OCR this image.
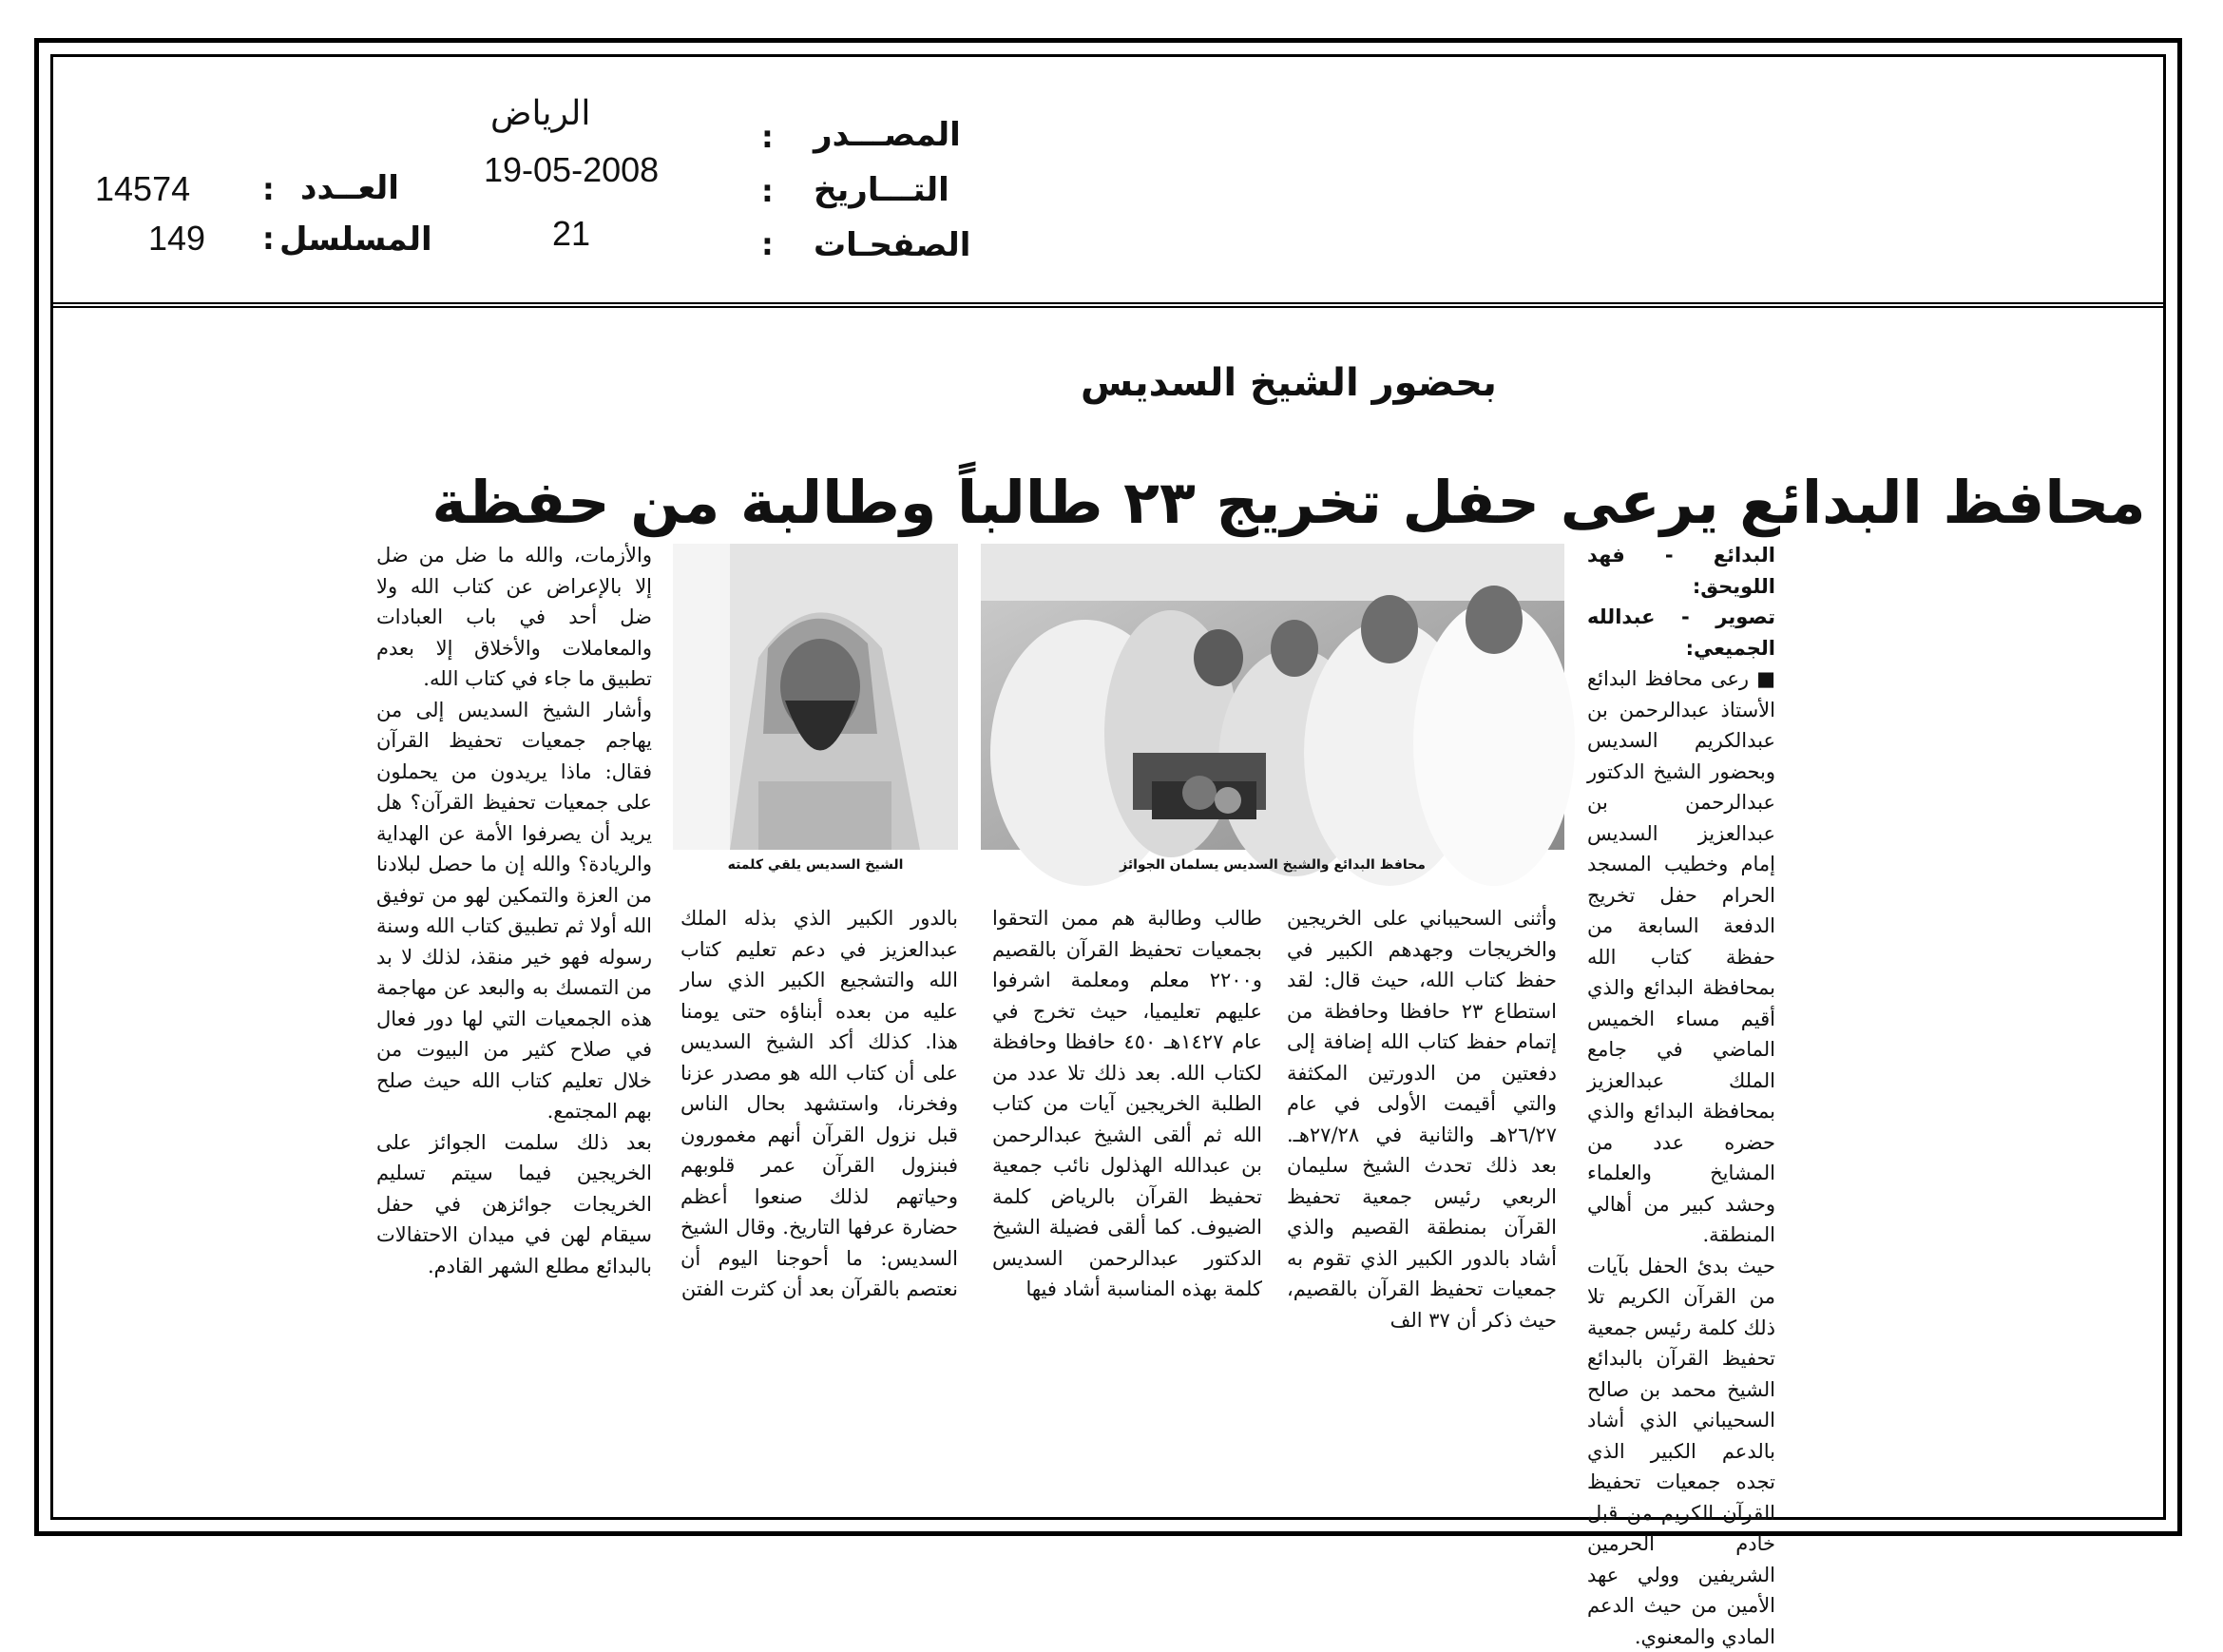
الرياض
: المصـــدر
19-05-2008
: التـــاريخ
21	: الصفحـات
14574 : العــدد
149 : المسلسل
بحضور الشيخ السديس
محافظ البدائع يرعى حفل تخريج ٢٣ طالباً وطالبة من حفظة

البدائع - فهد اللويحق:

تصوير - عبدالله الجميعي:

■ رعى محافظ البدائع الأستاذ عبدالرحمن بن عبدالكريم السديس وبحضور الشيخ الدكتور عبدالرحمن بن عبدالعزيز السديس إمام وخطيب المسجد الحرام حفل تخريج الدفعة السابعة من حفظة كتاب الله بمحافظة البدائع والذي أقيم مساء الخميس الماضي في جامع الملك عبدالعزيز بمحافظة البدائع والذي حضره عدد من المشايخ والعلماء وحشد كبير من أهالي المنطقة.

حيث بدئ الحفل بآيات من القرآن الكريم تلا ذلك كلمة رئيس جمعية تحفيظ القرآن بالبدائع الشيخ محمد بن صالح السحيباني الذي أشاد بالدعم الكبير الذي تجده جمعيات تحفيظ القرآن الكريم من قبل خادم الحرمين الشريفين وولي عهد الأمين من حيث الدعم المادي والمعنوي.

محافظ البدائع والشيخ السديس يسلمان الجوائز
الشيخ السديس يلقي كلمته

وأثنى السحيباني على الخريجين والخريجات وجهدهم الكبير في حفظ كتاب الله، حيث قال: لقد استطاع ٢٣ حافظا وحافظة من إتمام حفظ كتاب الله إضافة إلى دفعتين من الدورتين المكثفة والتي أقيمت الأولى في عام ٢٦/٢٧هـ والثانية في ٢٧/٢٨هـ. بعد ذلك تحدث الشيخ سليمان الربعي رئيس جمعية تحفيظ القرآن بمنطقة القصيم والذي أشاد بالدور الكبير الذي تقوم به جمعيات تحفيظ القرآن بالقصيم، حيث ذكر أن ٣٧ الف

طالب وطالبة هم ممن التحقوا بجمعيات تحفيظ القرآن بالقصيم و٢٢٠٠ معلم ومعلمة اشرفوا عليهم تعليميا، حيث تخرج في عام ١٤٢٧هـ ٤٥٠ حافظا وحافظة لكتاب الله. بعد ذلك تلا عدد من الطلبة الخريجين آيات من كتاب الله ثم ألقى الشيخ عبدالرحمن بن عبدالله الهذلول نائب جمعية تحفيظ القرآن بالرياض كلمة الضيوف. كما ألقى فضيلة الشيخ الدكتور عبدالرحمن السديس كلمة بهذه المناسبة أشاد فيها

بالدور الكبير الذي بذله الملك عبدالعزيز في دعم تعليم كتاب الله والتشجيع الكبير الذي سار عليه من بعده أبناؤه حتى يومنا هذا. كذلك أكد الشيخ السديس على أن كتاب الله هو مصدر عزنا وفخرنا، واستشهد بحال الناس قبل نزول القرآن أنهم مغمورون فبنزول القرآن عمر قلوبهم وحياتهم لذلك صنعوا أعظم حضارة عرفها التاريخ. وقال الشيخ السديس: ما أحوجنا اليوم أن نعتصم بالقرآن بعد أن كثرت الفتن

والأزمات، والله ما ضل من ضل إلا بالإعراض عن كتاب الله ولا ضل أحد في باب العبادات والمعاملات والأخلاق إلا بعدم تطبيق ما جاء في كتاب الله.

وأشار الشيخ السديس إلى من يهاجم جمعيات تحفيظ القرآن فقال: ماذا يريدون من يحملون على جمعيات تحفيظ القرآن؟ هل يريد أن يصرفوا الأمة عن الهداية والريادة؟ والله إن ما حصل لبلادنا من العزة والتمكين لهو من توفيق الله أولا ثم تطبيق كتاب الله وسنة رسوله فهو خير منقذ، لذلك لا بد من التمسك به والبعد عن مهاجمة هذه الجمعيات التي لها دور فعال في صلاح كثير من البيوت من خلال تعليم كتاب الله حيث صلح بهم المجتمع.

بعد ذلك سلمت الجوائز على الخريجين فيما سيتم تسليم الخريجات جوائزهن في حفل سيقام لهن في ميدان الاحتفالات بالبدائع مطلع الشهر القادم.
